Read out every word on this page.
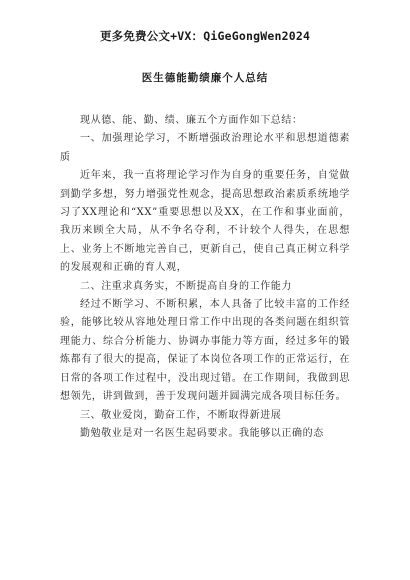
更多免费公文+VX：QiGeGongWen2024
医生德能勤绩廉个人总结

现从德、能、勤、绩、廉五个方面作如下总结：

一、加强理论学习，不断增强政治理论水平和思想道德素质

近年来，我一直将理论学习作为自身的重要任务，自觉做到勤学多想，努力增强党性观念，提高思想政治素质系统地学习了XX理论和“XX”重要思想以及XX，在工作和事业面前，我历来顾全大局，从不争名夺利，不计较个人得失，在思想上、业务上不断地完善自己，更新自己，使自己真正树立科学的发展观和正确的育人观，

二、注重求真务实，不断提高自身的工作能力

经过不断学习、不断积累，本人具备了比较丰富的工作经验，能够比较从容地处理日常工作中出现的各类问题在组织管理能力、综合分析能力、协调办事能力等方面，经过多年的锻炼都有了很大的提高，保证了本岗位各项工作的正常运行，在日常的各项工作过程中，没出现过错。在工作期间，我做到思想领先，讲到做到，善于发现问题并圆满完成各项目标任务。

三、敬业爱岗，勤奋工作，不断取得新进展

勤勉敬业是对一名医生起码要求。我能够以正确的态
